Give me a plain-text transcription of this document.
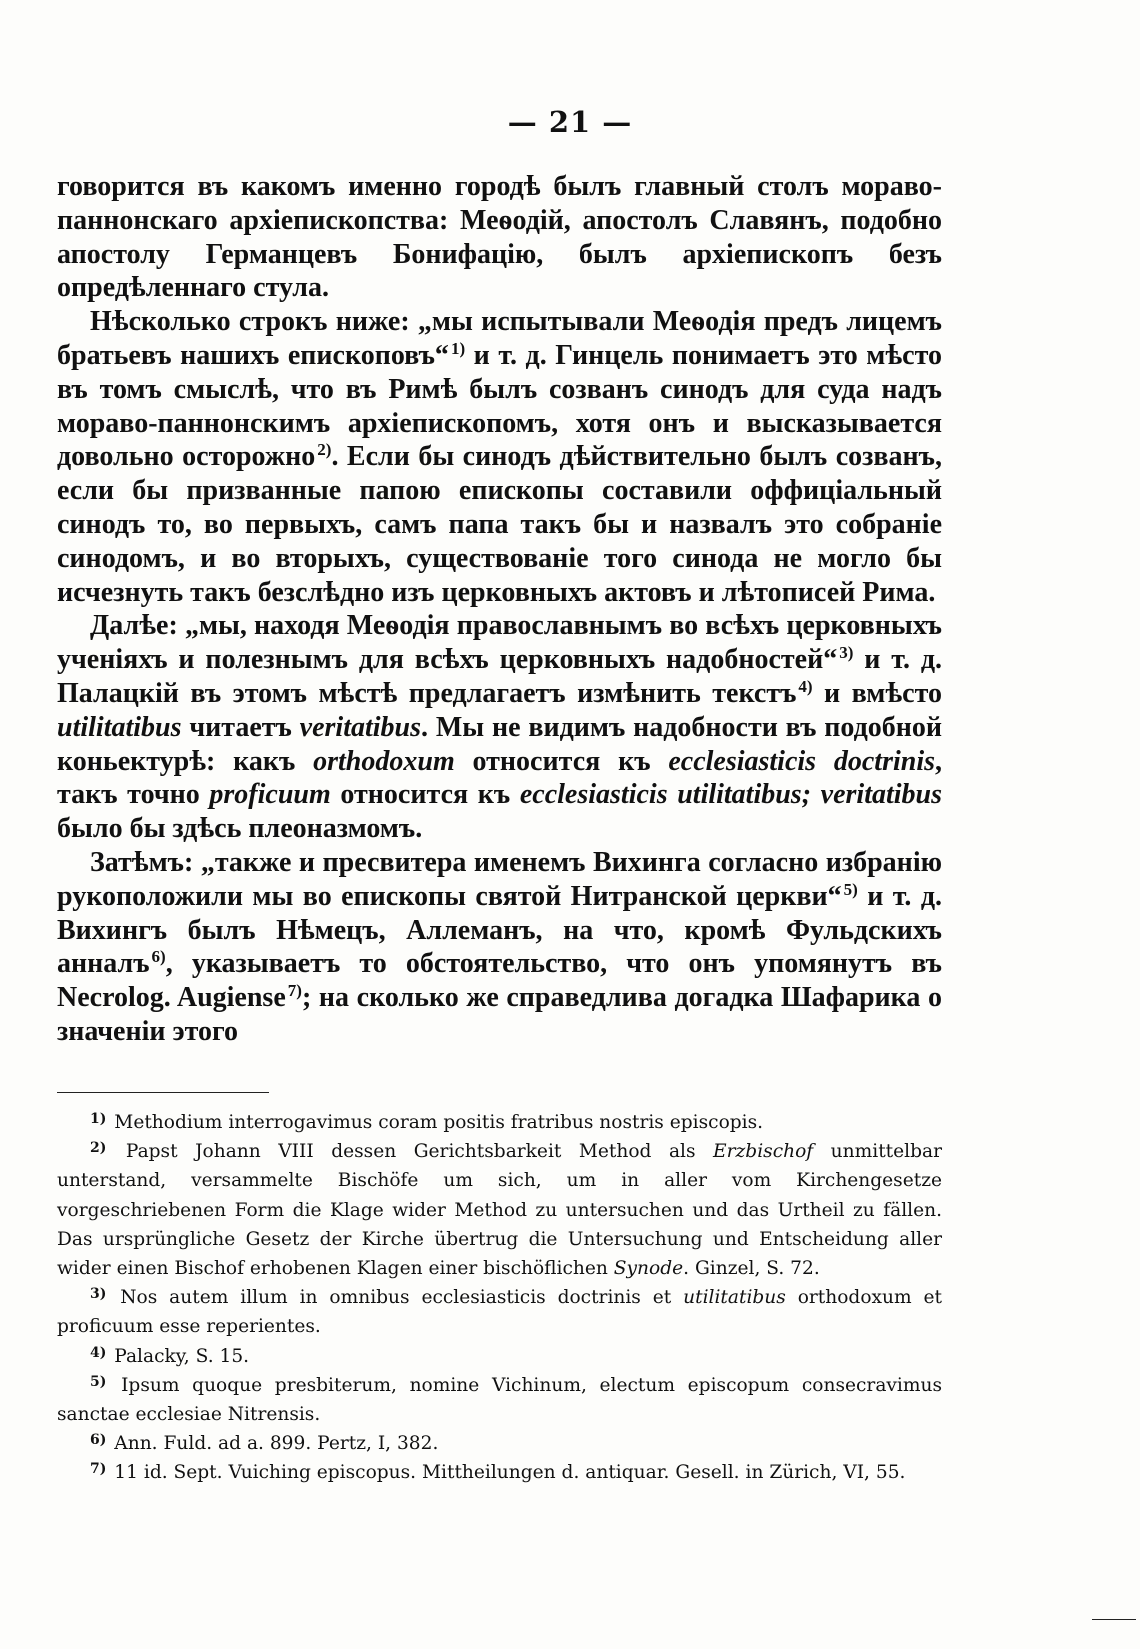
— 21 —

говорится въ какомъ именно городѣ былъ главный столъ мораво-паннонскаго архіепископства: Меѳодій, апостолъ Славянъ, подобно апостолу Германцевъ Бонифацію, былъ архіепископъ безъ опредѣленнаго стула.

Нѣсколько строкъ ниже: „мы испытывали Меѳодія предъ лицемъ братьевъ нашихъ епископовъ“ $^{1)}$ и т. д. Гинцель понимаетъ это мѣсто въ томъ смыслѣ, что въ Римѣ былъ созванъ синодъ для суда надъ мораво-паннонскимъ архіепископомъ, хотя онъ и высказывается довольно осторожно $^{2)}$. Если бы синодъ дѣйствительно былъ созванъ, если бы призванные папою епископы составили оффиціальный синодъ то, во первыхъ, самъ папа такъ бы и назвалъ это собраніе синодомъ, и во вторыхъ, существованіе того синода не могло бы исчезнуть такъ безслѣдно изъ церковныхъ актовъ и лѣтописей Рима.

Далѣе: „мы, находя Меѳодія православнымъ во всѣхъ церковныхъ ученіяхъ и полезнымъ для всѣхъ церковныхъ надобностей“ $^{3)}$ и т. д. Палацкій въ этомъ мѣстѣ предлагаетъ измѣнить текстъ $^{4)}$ и вмѣсто utilitatibus читаетъ veritatibus. Мы не видимъ надобности въ подобной коньектурѣ: какъ orthodoxum относится къ ecclesiasticis doctrinis, такъ точно proficuum относится къ ecclesiasticis utilitatibus; veritatibus было бы здѣсь плеоназмомъ.

Затѣмъ: „также и пресвитера именемъ Вихинга согласно избранію рукоположили мы во епископы святой Нитранской церкви“ $^{5)}$ и т. д. Вихингъ былъ Нѣмецъ, Аллеманъ, на что, кромѣ Фульдскихъ анналъ $^{6)}$, указываетъ то обстоятельство, что онъ упомянутъ въ Necrolog. Augiense $^{7)}$; на сколько же справедлива догадка Шафарика о значеніи этого

$^{1)}$ Methodium interrogavimus coram positis fratribus nostris episcopis.

$^{2)}$ Papst Johann VIII dessen Gerichtsbarkeit Method als Erzbischof unmittelbar unterstand, versammelte Bischöfe um sich, um in aller vom Kirchengesetze vorgeschriebenen Form die Klage wider Method zu untersuchen und das Urtheil zu fällen. Das ursprüngliche Gesetz der Kirche übertrug die Untersuchung und Entscheidung aller wider einen Bischof erhobenen Klagen einer bischöflichen Synode. Ginzel, S. 72.

$^{3)}$ Nos autem illum in omnibus ecclesiasticis doctrinis et utilitatibus orthodoxum et proficuum esse reperientes.

$^{4)}$ Palacky, S. 15.

$^{5)}$ Ipsum quoque presbiterum, nomine Vichinum, electum episcopum consecravimus sanctae ecclesiae Nitrensis.

$^{6)}$ Ann. Fuld. ad a. 899. Pertz, I, 382.

$^{7)}$ 11 id. Sept. Vuiching episcopus. Mittheilungen d. antiquar. Gesell. in Zürich, VI, 55.
